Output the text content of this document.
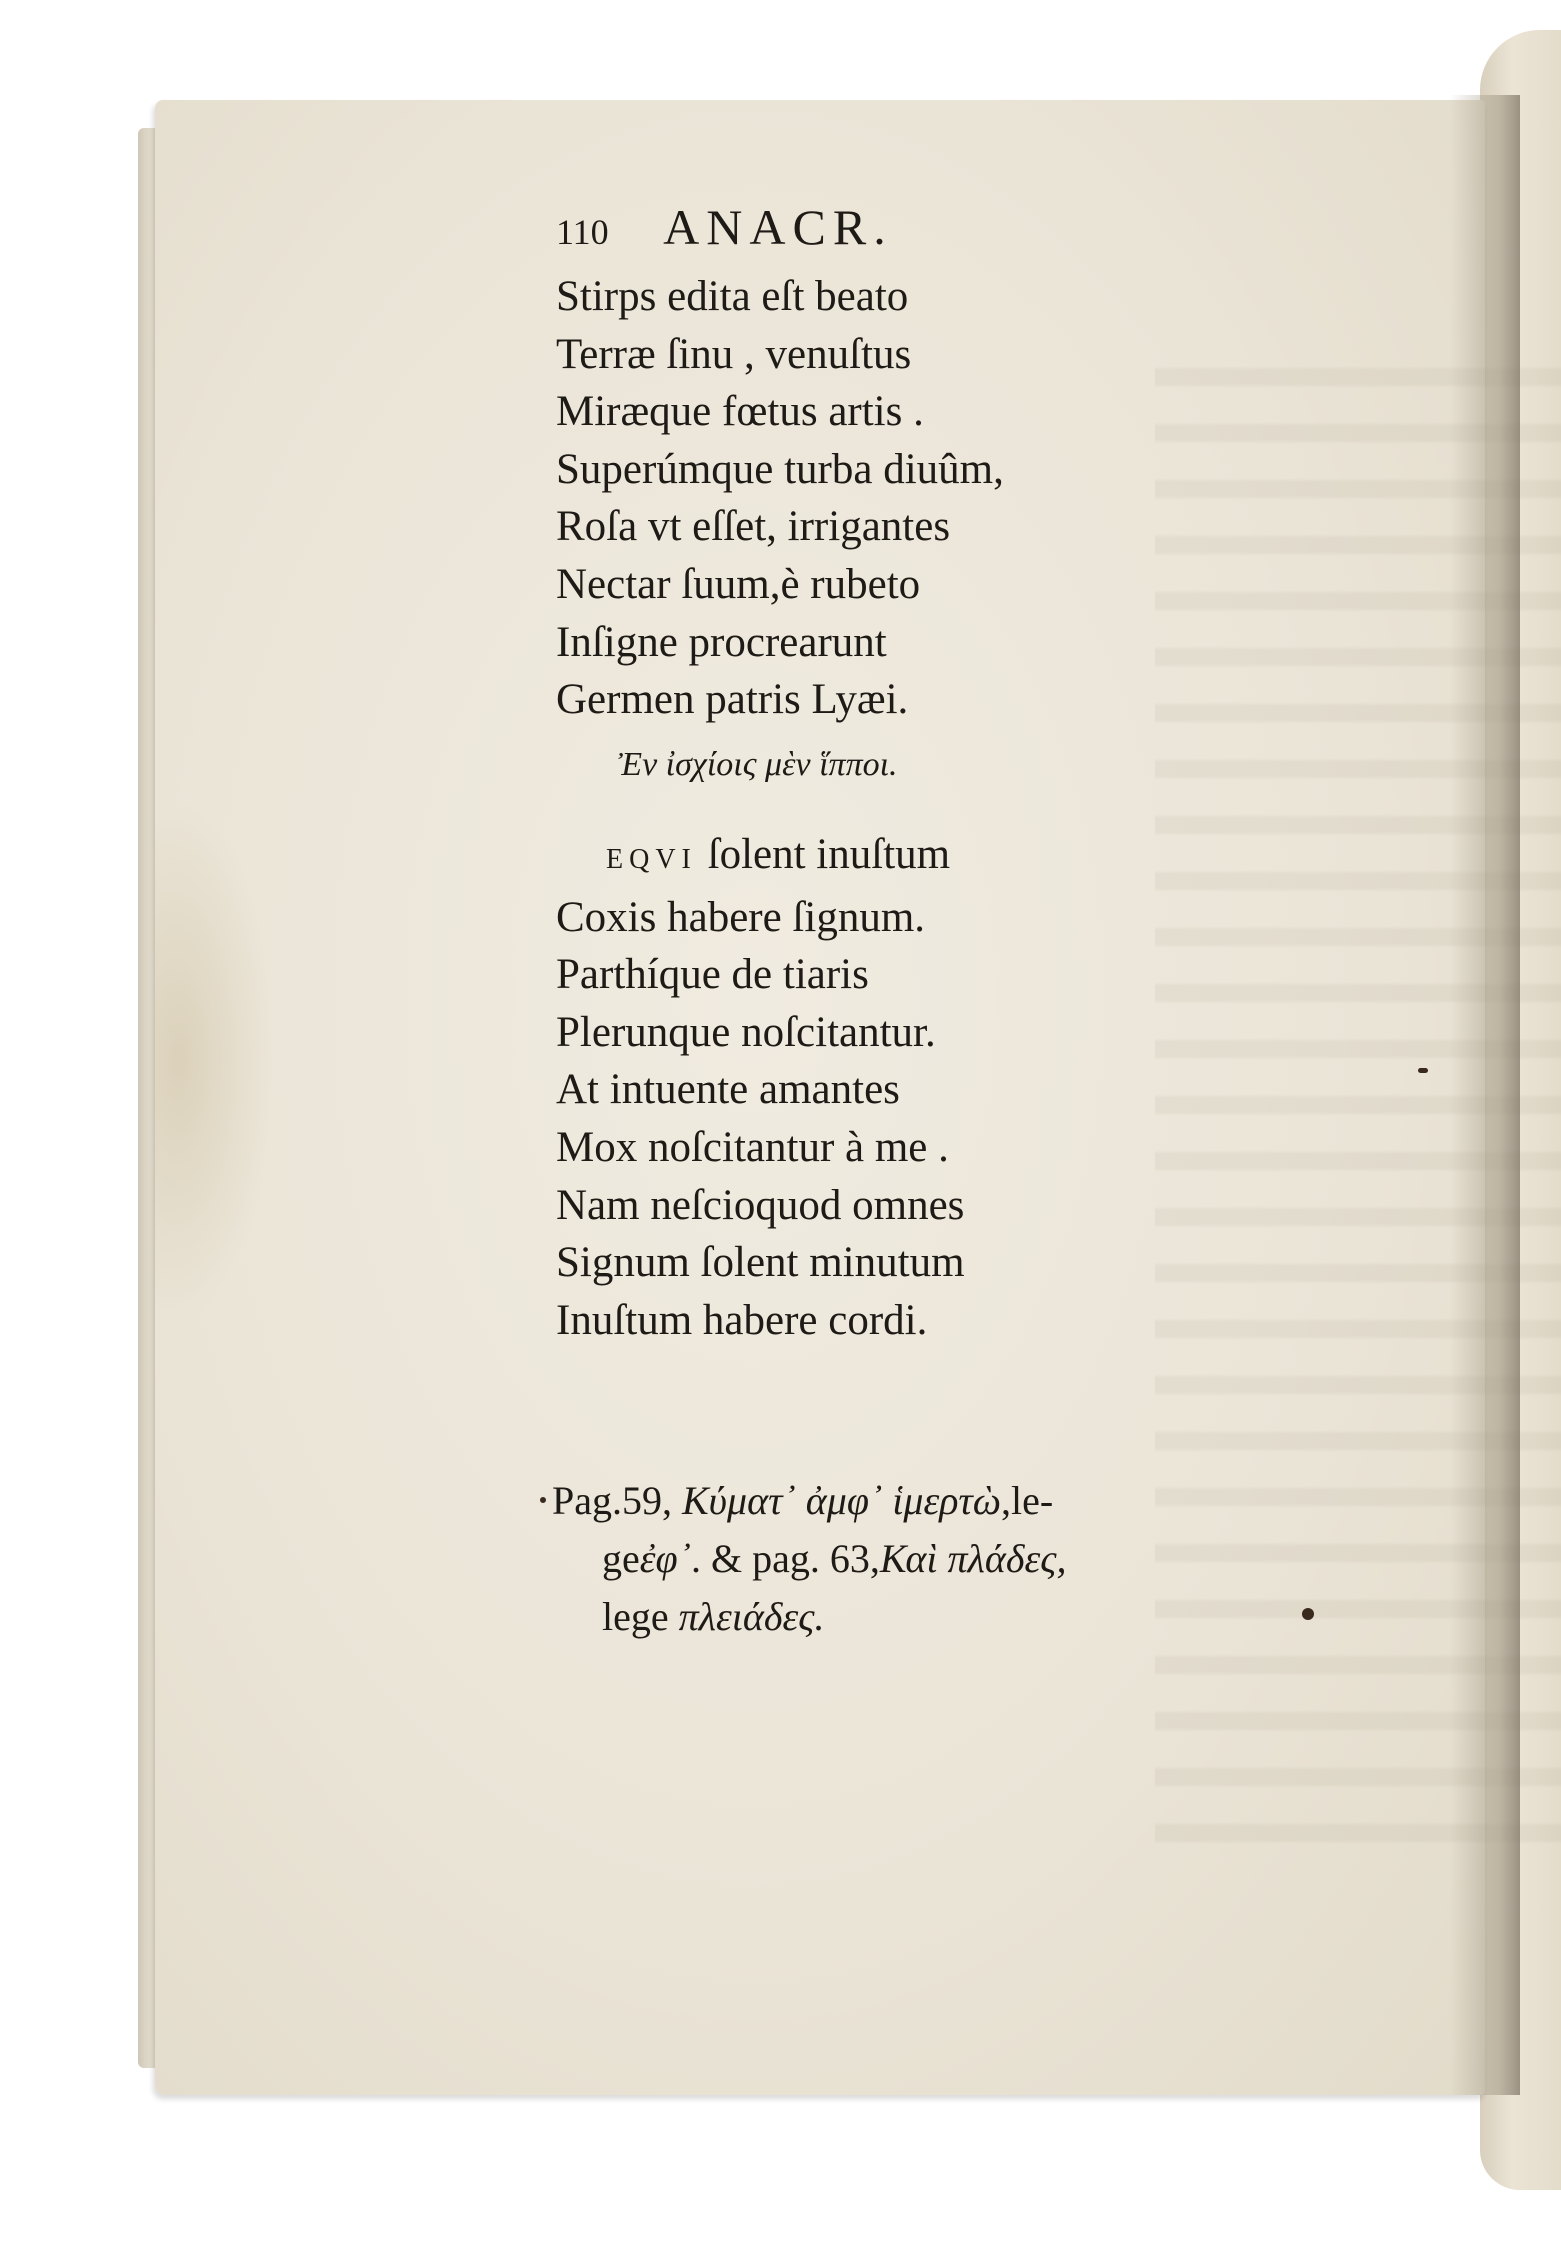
110 ANACR.
Stirps edita eſt beato
Terræ ſinu , venuſtus
Miræque fœtus artis .
Superúmque turba diuûm,
Roſa vt eſſet, irrigantes
Nectar ſuum,è rubeto
Inſigne procrearunt
Germen patris Lyæi.
Ἐν ἰσχίοις μὲν ἵπποι.
EQVI ſolent inuſtum
Coxis habere ſignum.
Parthíque de tiaris
Plerunque noſcitantur.
At intuente amantes
Mox noſcitantur à me .
Nam neſcioquod omnes
Signum ſolent minutum
Inuſtum habere cordi.
Pag.59, Κύματ᾽ ἀμφ᾽ ἱμερτὼ,le-
geἐφ᾽. & pag. 63,Καὶ πλάδες,
lege πλειάδες.
